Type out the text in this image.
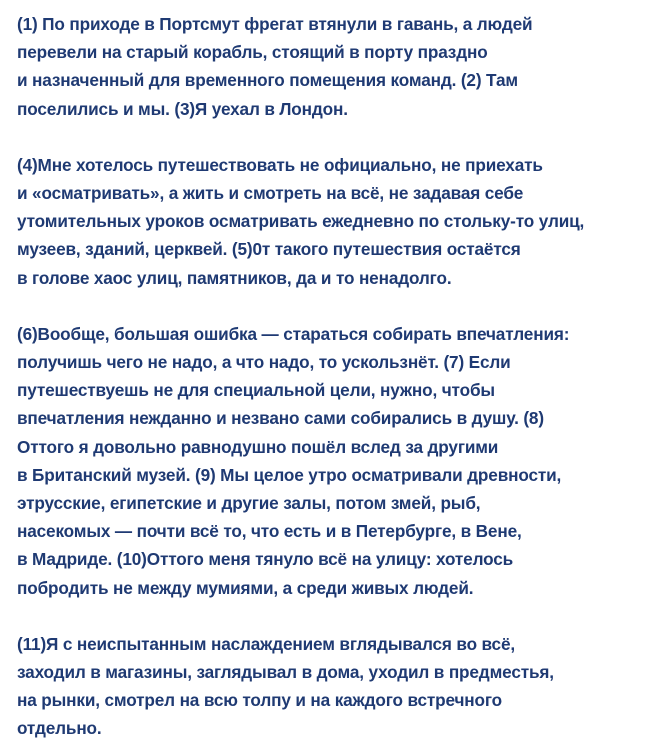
(1) По приходе в Портсмут фрегат втянули в гавань, а людей
перевели на старый корабль, стоящий в порту праздно
и назначенный для временного помещения команд. (2) Там
поселились и мы. (3)Я уехал в Лондон.
(4)Мне хотелось путешествовать не официально, не приехать
и «осматривать», а жить и смотреть на всё, не задавая себе
утомительных уроков осматривать ежедневно по стольку-то улиц,
музеев, зданий, церквей. (5)0т такого путешествия остаётся
в голове хаос улиц, памятников, да и то ненадолго.
(6)Вообще, большая ошибка — стараться собирать впечатления:
получишь чего не надо, а что надо, то ускользнёт. (7) Если
путешествуешь не для специальной цели, нужно, чтобы
впечатления нежданно и незвано сами собирались в душу. (8)
Оттого я довольно равнодушно пошёл вслед за другими
в Британский музей. (9) Мы целое утро осматривали древности,
этрусские, египетские и другие залы, потом змей, рыб,
насекомых — почти всё то, что есть и в Петербурге, в Вене,
в Мадриде. (10)Оттого меня тянуло всё на улицу: хотелось
побродить не между мумиями, а среди живых людей.
(11)Я с неиспытанным наслаждением вглядывался во всё,
заходил в магазины, заглядывал в дома, уходил в предместья,
на рынки, смотрел на всю толпу и на каждого встречного
отдельно.
